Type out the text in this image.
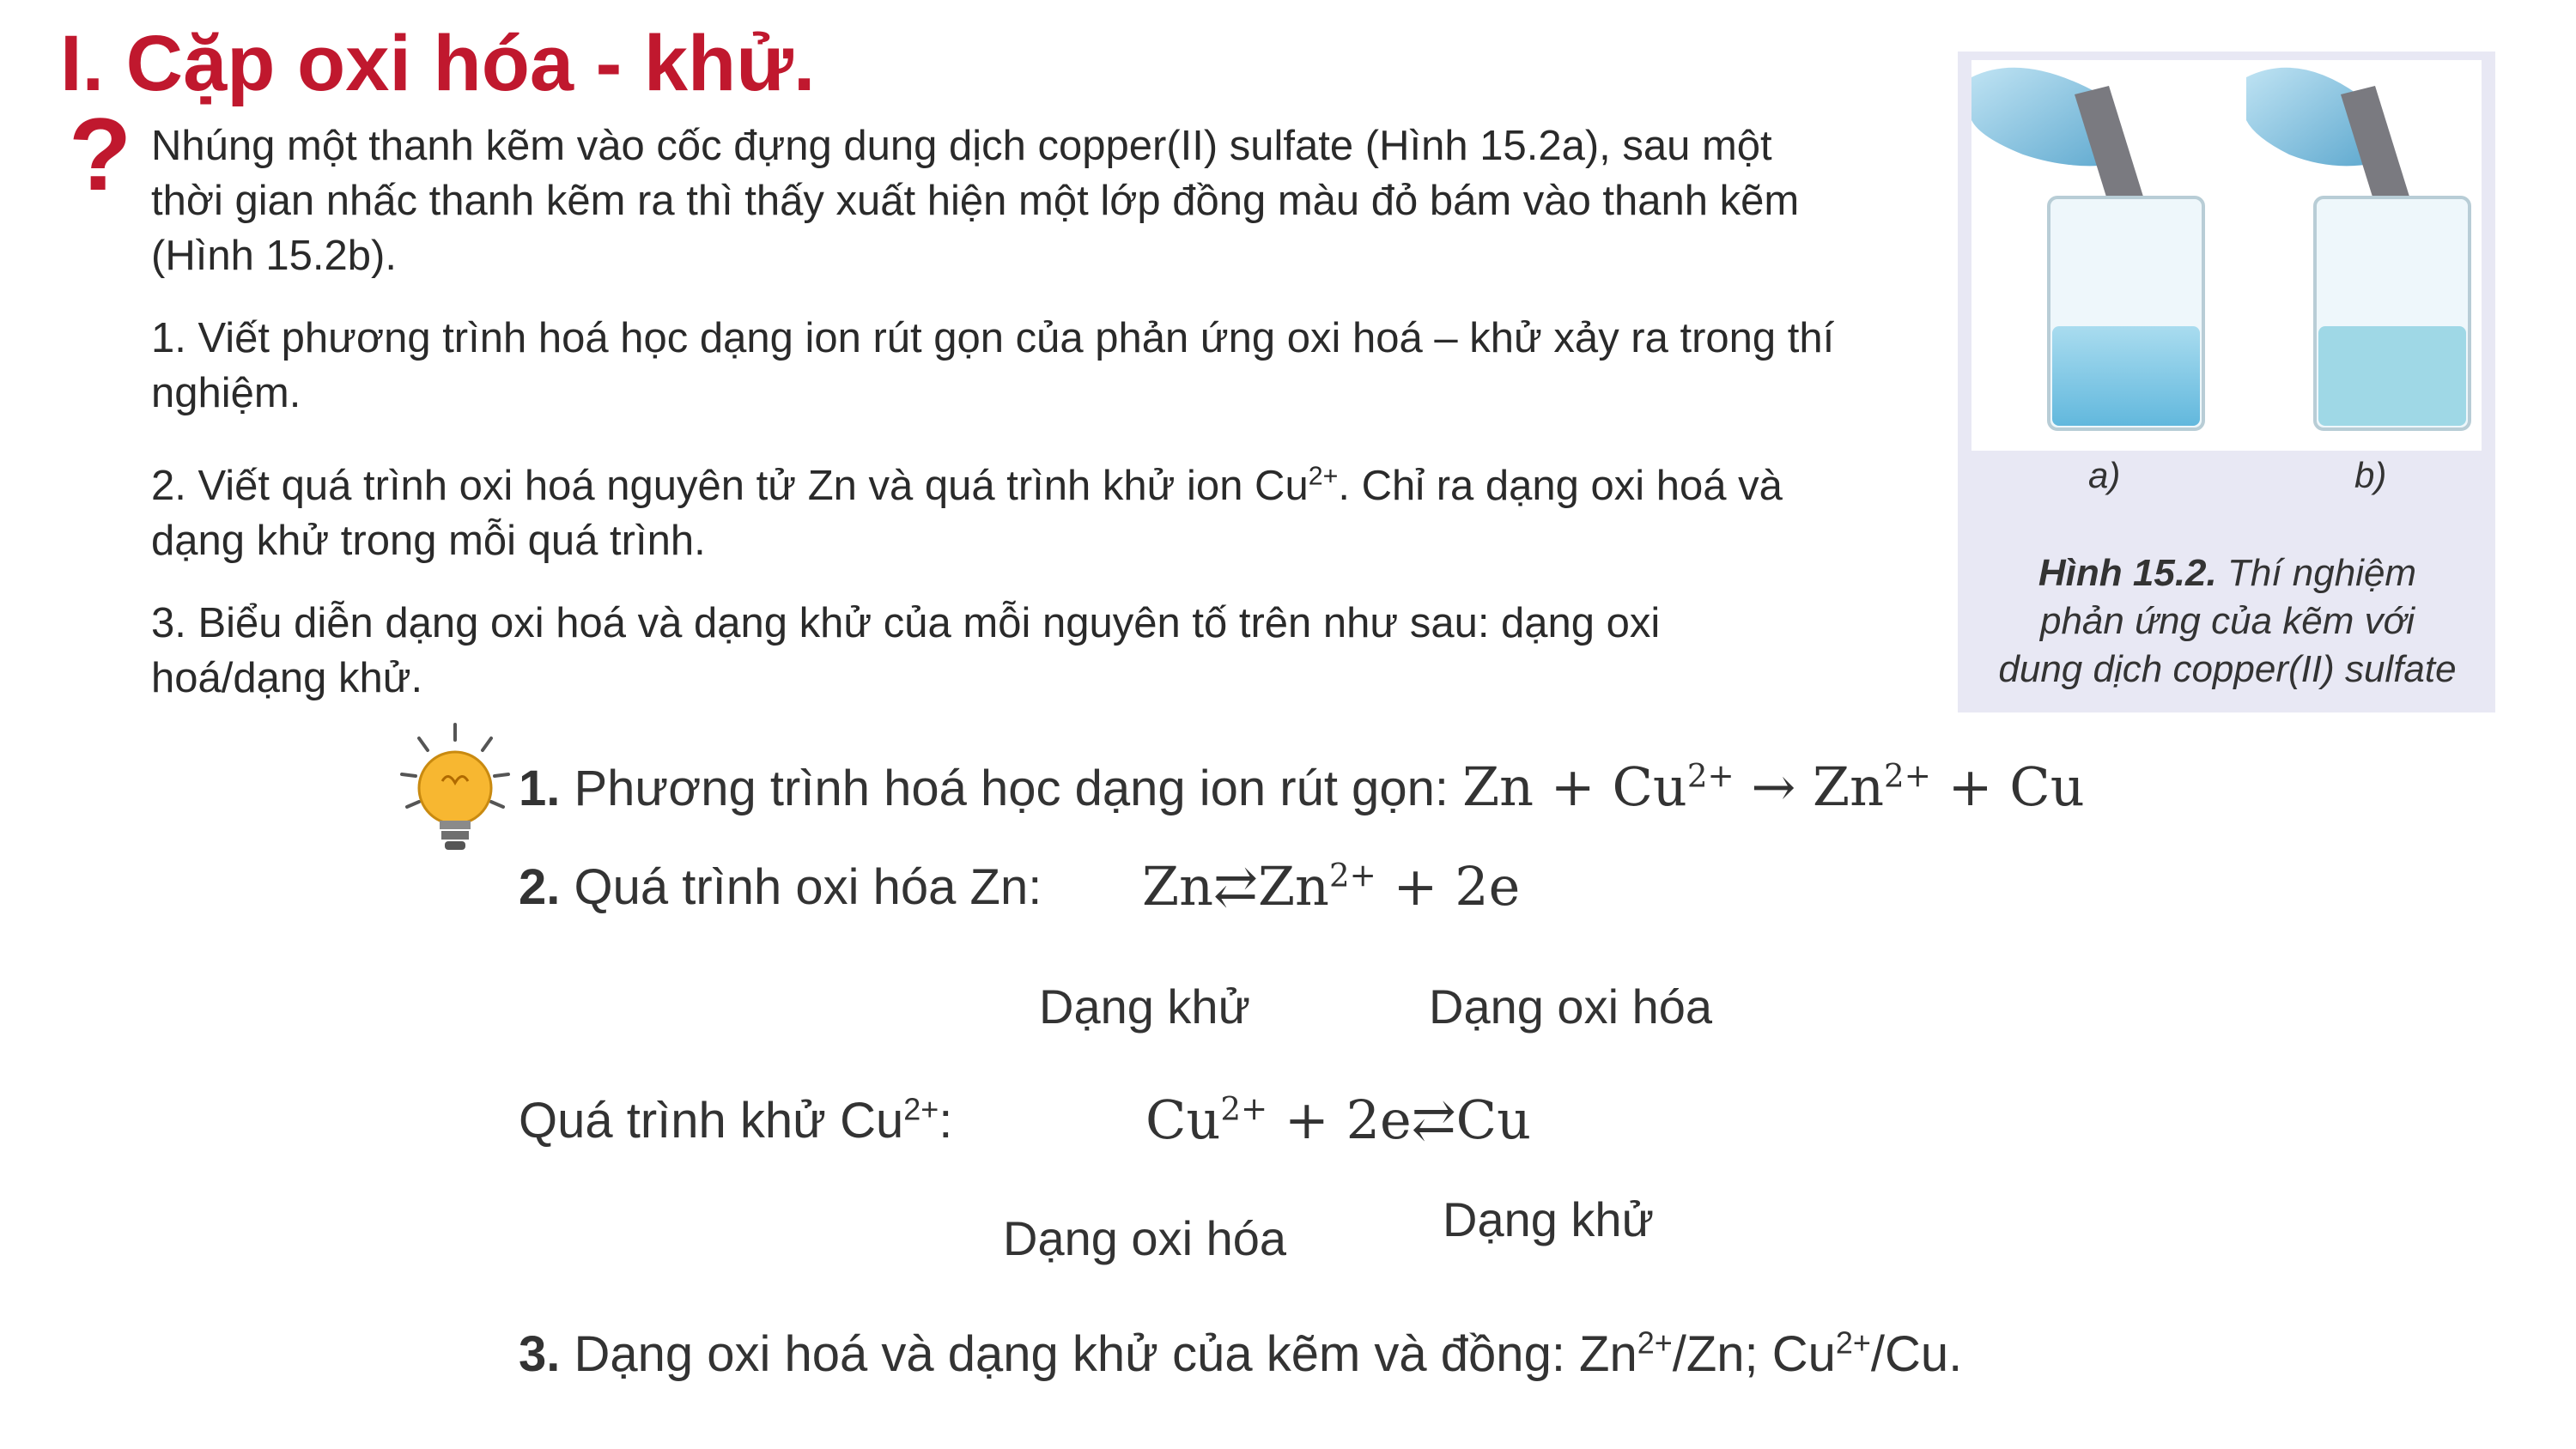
I. Cặp oxi hóa - khử.
? Nhúng một thanh kẽm vào cốc đựng dung dịch copper(II) sulfate (Hình 15.2a), sau một
thời gian nhấc thanh kẽm ra thì thấy xuất hiện một lớp đồng màu đỏ bám vào thanh kẽm
(Hình 15.2b).
1. Viết phương trình hoá học dạng ion rút gọn của phản ứng oxi hoá – khử xảy ra trong thí
nghiệm.
2. Viết quá trình oxi hoá nguyên tử Zn và quá trình khử ion $Cu^{2+}$. Chỉ ra dạng oxi hoá và
dạng khử trong mỗi quá trình.
3. Biểu diễn dạng oxi hoá và dạng khử của mỗi nguyên tố trên như sau: dạng oxi
hoá/dạng khử.
a)	b)
Hình 15.2. Thí nghiệm
phản ứng của kẽm với
dung dịch copper(II) sulfate
1. Phương trình hoá học dạng ion rút gọn: $Zn + Cu^{2+} \to Zn^{2+} + Cu$
2. Quá trình oxi hóa Zn: $Zn⇄Zn^{2+} + 2e$
Dạng khử	Dạng oxi hóa
Quá trình khử $Cu^{2+}$:	$Cu^{2+}$ + 2e⇄Cu
Dạng oxi hóa	Dạng khử
3. Dạng oxi hoá và dạng khử của kẽm và đồng: $Zn^{2+}/Zn$; $Cu^{2+}/Cu$.
